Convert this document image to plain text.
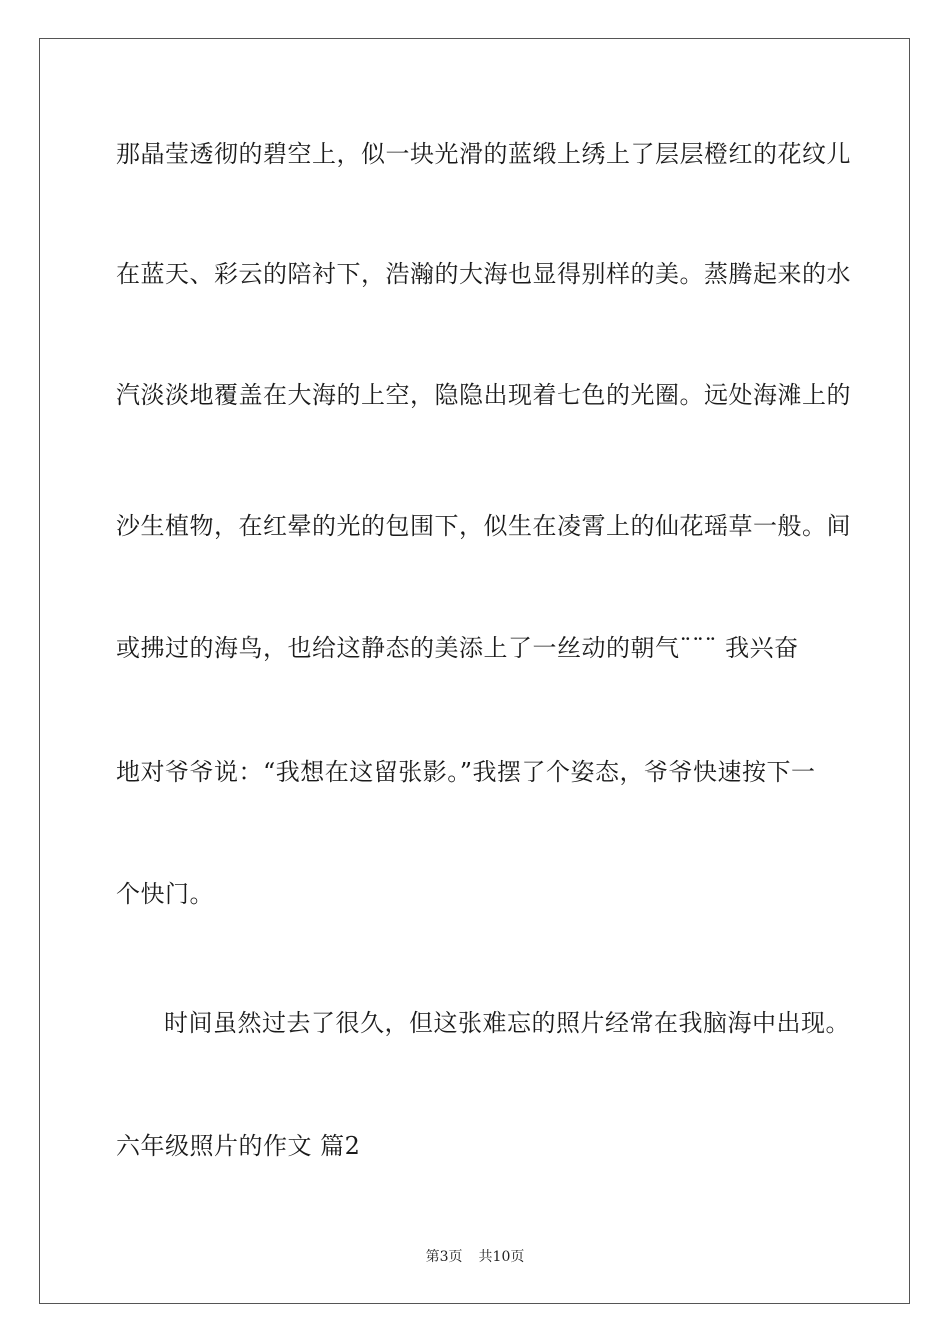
那晶莹透彻的碧空上，似一块光滑的蓝缎上绣上了层层橙红的花纹儿
在蓝天、彩云的陪衬下，浩瀚的大海也显得别样的美。蒸腾起来的水
汽淡淡地覆盖在大海的上空，隐隐出现着七色的光圈。远处海滩上的
沙生植物，在红晕的光的包围下，似生在凌霄上的仙花瑶草一般。间
或拂过的海鸟，也给这静态的美添上了一丝动的朝气¨¨¨ 我兴奋
地对爷爷说：“我想在这留张影。”我摆了个姿态，爷爷快速按下一
个快门。
时间虽然过去了很久，但这张难忘的照片经常在我脑海中出现。
六年级照片的作文 篇2
第3页 共10页
